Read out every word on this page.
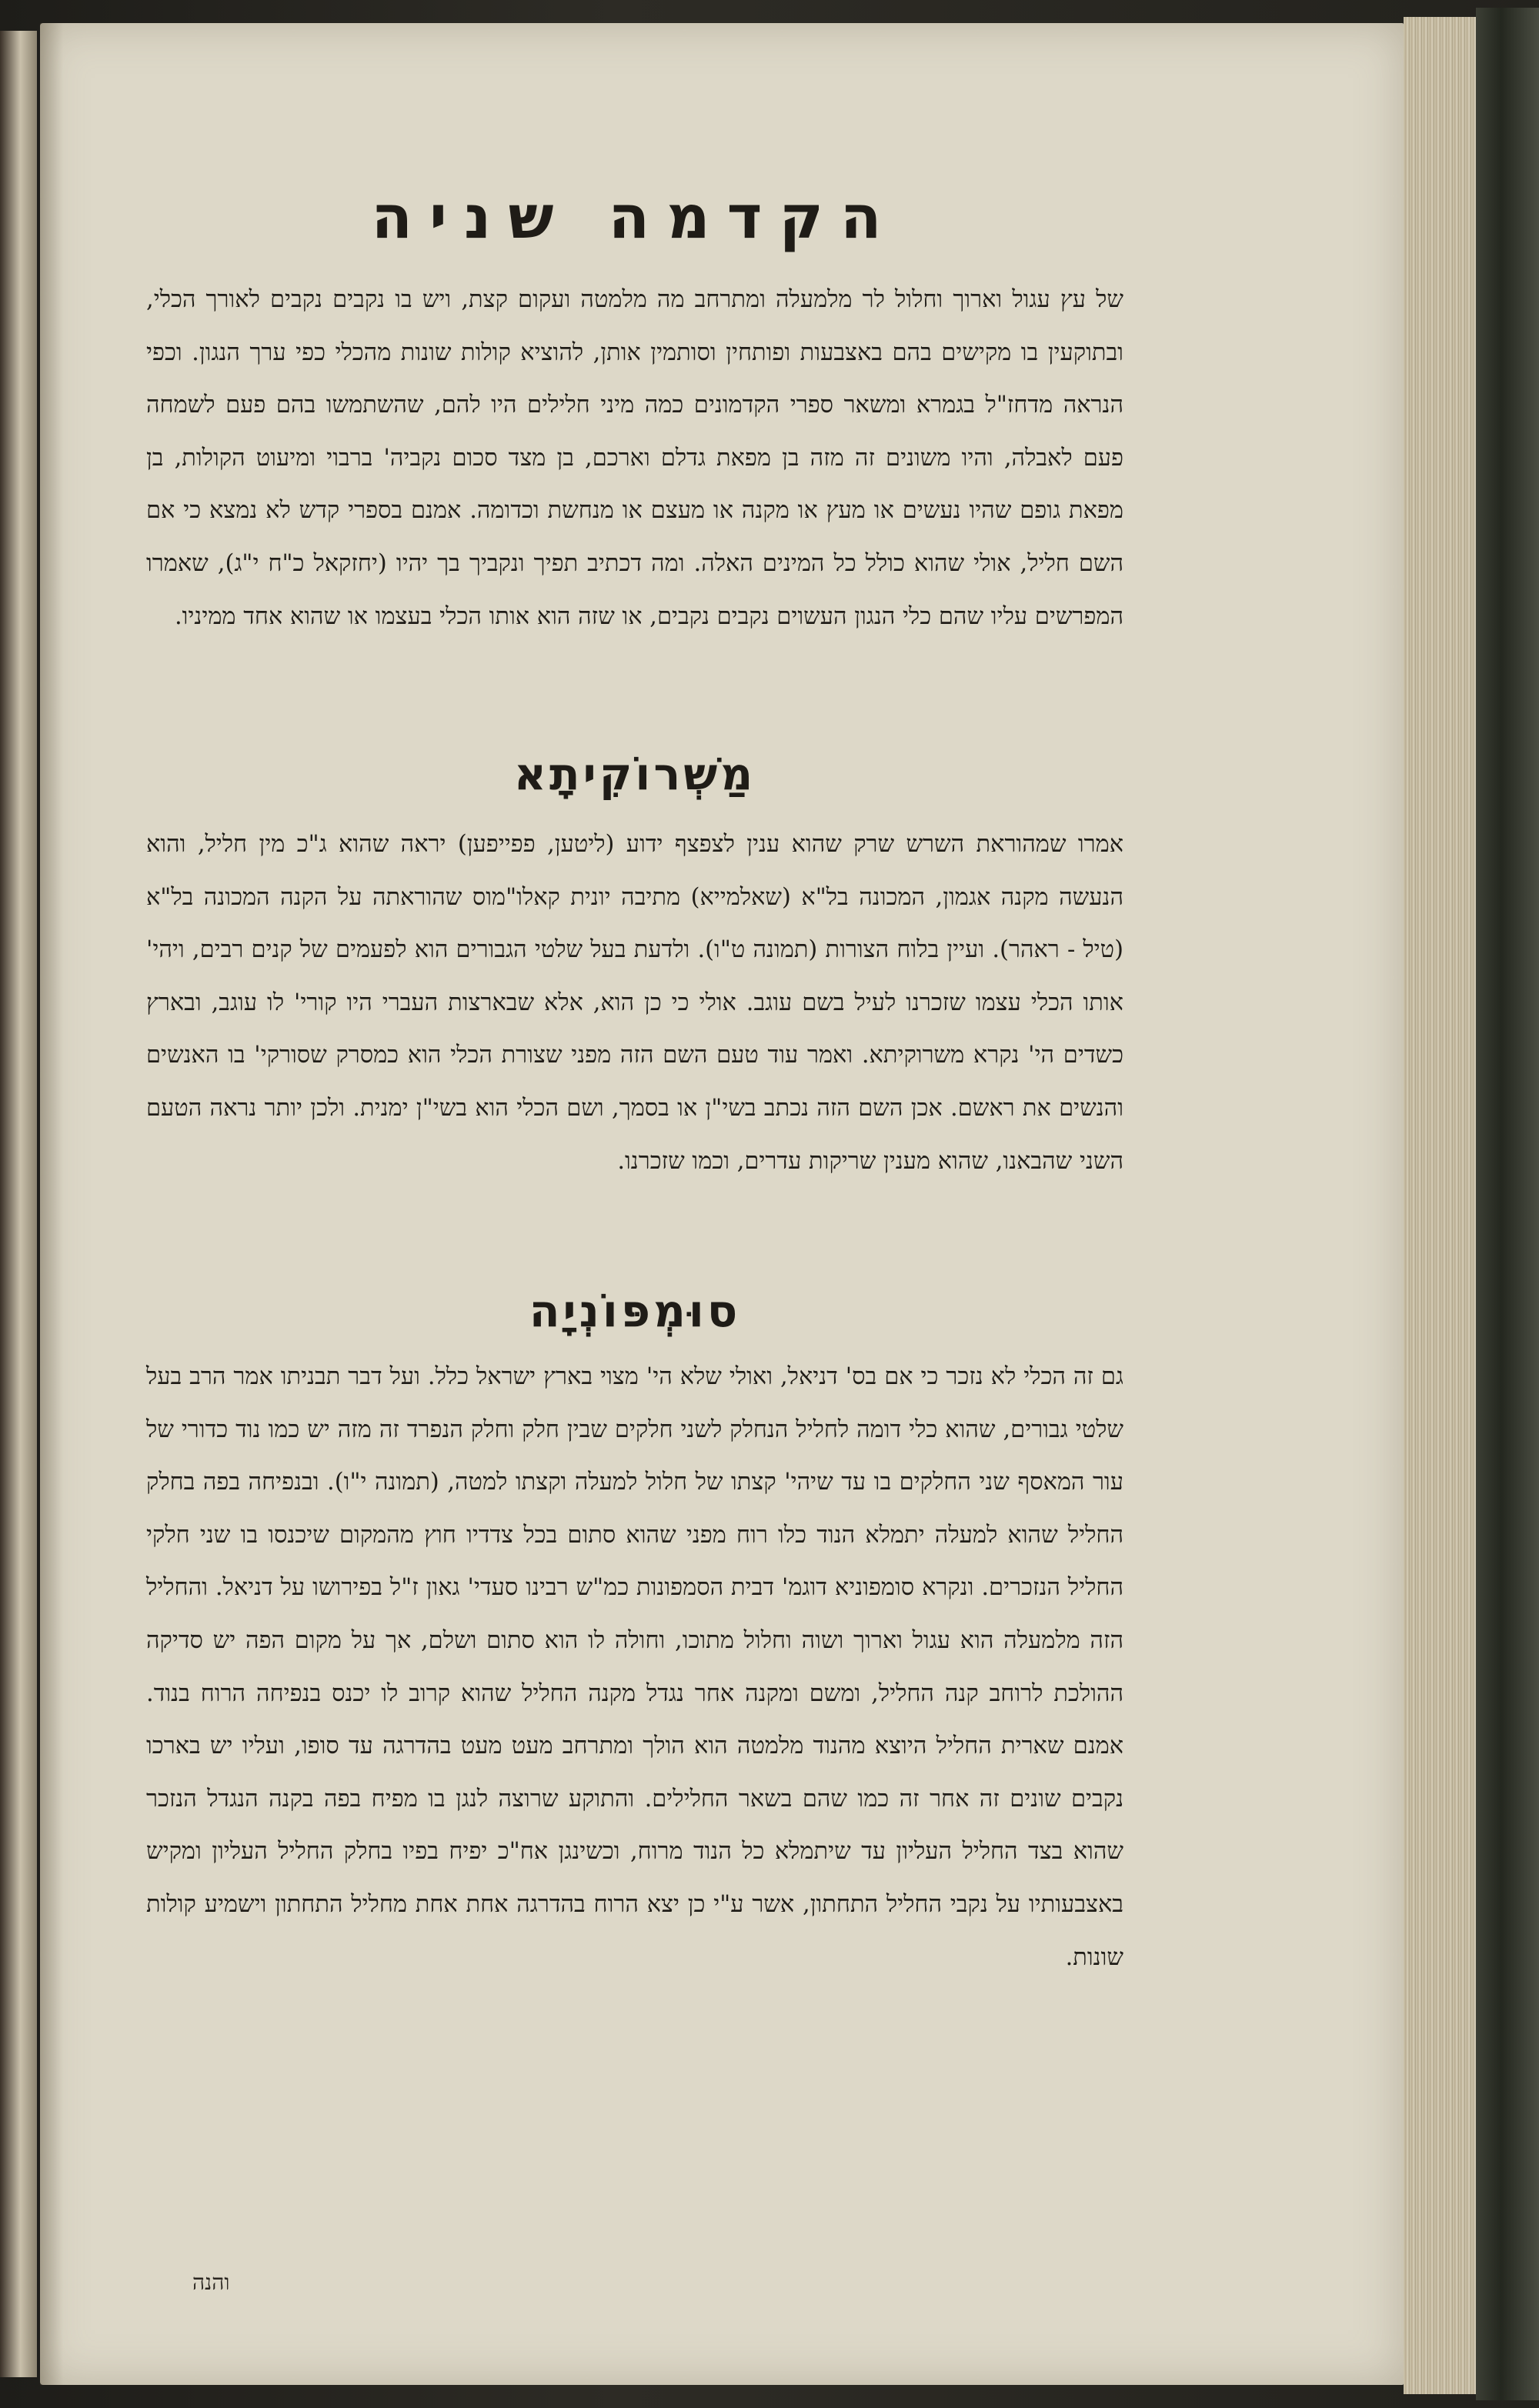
הקדמה שניה
של עץ עגול וארוך וחלול לר מלמעלה ומתרחב מה מלמטה ועקום קצת, ויש בו נקבים נקבים לאורך הכלי, ובתוקעין בו מקישים בהם באצבעות ופותחין וסותמין אותן, להוציא קולות שונות מהכלי כפי ערך הנגון. וכפי הנראה מדחז"ל בגמרא ומשאר ספרי הקדמונים כמה מיני חלילים היו להם, שהשתמשו בהם פעם לשמחה פעם לאבלה, והיו משונים זה מזה בן מפאת גדלם וארכם, בן מצד סכום נקביה' ברבוי ומיעוט הקולות, בן מפאת גופם שהיו נעשים או מעץ או מקנה או מעצם או מנחשת וכדומה. אמנם בספרי קדש לא נמצא כי אם השם חליל, אולי שהוא כולל כל המינים האלה. ומה דכתיב תפיך ונקביך בך יהיו (יחזקאל כ"ח י"ג), שאמרו המפרשים עליו שהם כלי הנגון העשוים נקבים נקבים, או שזה הוא אותו הכלי בעצמו או שהוא אחד ממיניו.
מַשְׁרוֹקִיתָא
אמרו שמהוראת השרש שרק שהוא ענין לצפצף ידוע (ליטען, פפייפען) יראה שהוא ג"כ מין חליל, והוא הנעשה מקנה אגמון, המכונה בל"א (שאלמייא) מתיבה יונית קאלו"מוס שהוראתה על הקנה המכונה בל"א (טיל - ראהר). ועיין בלוח הצורות (תמונה ט"ו). ולדעת בעל שלטי הגבורים הוא לפעמים של קנים רבים, ויהי' אותו הכלי עצמו שזכרנו לעיל בשם עוגב. אולי כי כן הוא, אלא שבארצות העברי היו קורי' לו עוגב, ובארץ כשדים הי' נקרא משרוקיתא. ואמר עוד טעם השם הזה מפני שצורת הכלי הוא כמסרק שסורקי' בו האנשים והנשים את ראשם. אכן השם הזה נכתב בשי"ן או בסמך, ושם הכלי הוא בשי"ן ימנית. ולכן יותר נראה הטעם השני שהבאנו, שהוא מענין שריקות עדרים, וכמו שזכרנו.
סוּמְפּוֹנְיָה
גם זה הכלי לא נזכר כי אם בס' דניאל, ואולי שלא הי' מצוי בארץ ישראל כלל. ועל דבר תבניתו אמר הרב בעל שלטי גבורים, שהוא כלי דומה לחליל הנחלק לשני חלקים שבין חלק וחלק הנפרד זה מזה יש כמו נוד כדורי של עור המאסף שני החלקים בו עד שיהי' קצתו של חלול למעלה וקצתו למטה, (תמונה י"ו). ובנפיחה בפה בחלק החליל שהוא למעלה יתמלא הנוד כלו רוח מפני שהוא סתום בכל צדדיו חוץ מהמקום שיכנסו בו שני חלקי החליל הנזכרים. ונקרא סומפוניא דוגמ' דבית הסמפונות כמ"ש רבינו סעדי' גאון ז"ל בפירושו על דניאל. והחליל הזה מלמעלה הוא עגול וארוך ושוה וחלול מתוכו, וחולה לו הוא סתום ושלם, אך על מקום הפה יש סדיקה ההולכת לרוחב קנה החליל, ומשם ומקנה אחר נגדל מקנה החליל שהוא קרוב לו יכנס בנפיחה הרוח בנוד. אמנם שארית החליל היוצא מהנוד מלמטה הוא הולך ומתרחב מעט מעט בהדרגה עד סופו, ועליו יש בארכו נקבים שונים זה אחר זה כמו שהם בשאר החלילים. והתוקע שרוצה לנגן בו מפיח בפה בקנה הנגדל הנזכר שהוא בצד החליל העליון עד שיתמלא כל הנוד מרוח, וכשינגן אח"כ יפיח בפיו בחלק החליל העליון ומקיש באצבעותיו על נקבי החליל התחתון, אשר ע"י כן יצא הרוח בהדרגה אחת אחת מחליל התחתון וישמיע קולות שונות.
והנה
